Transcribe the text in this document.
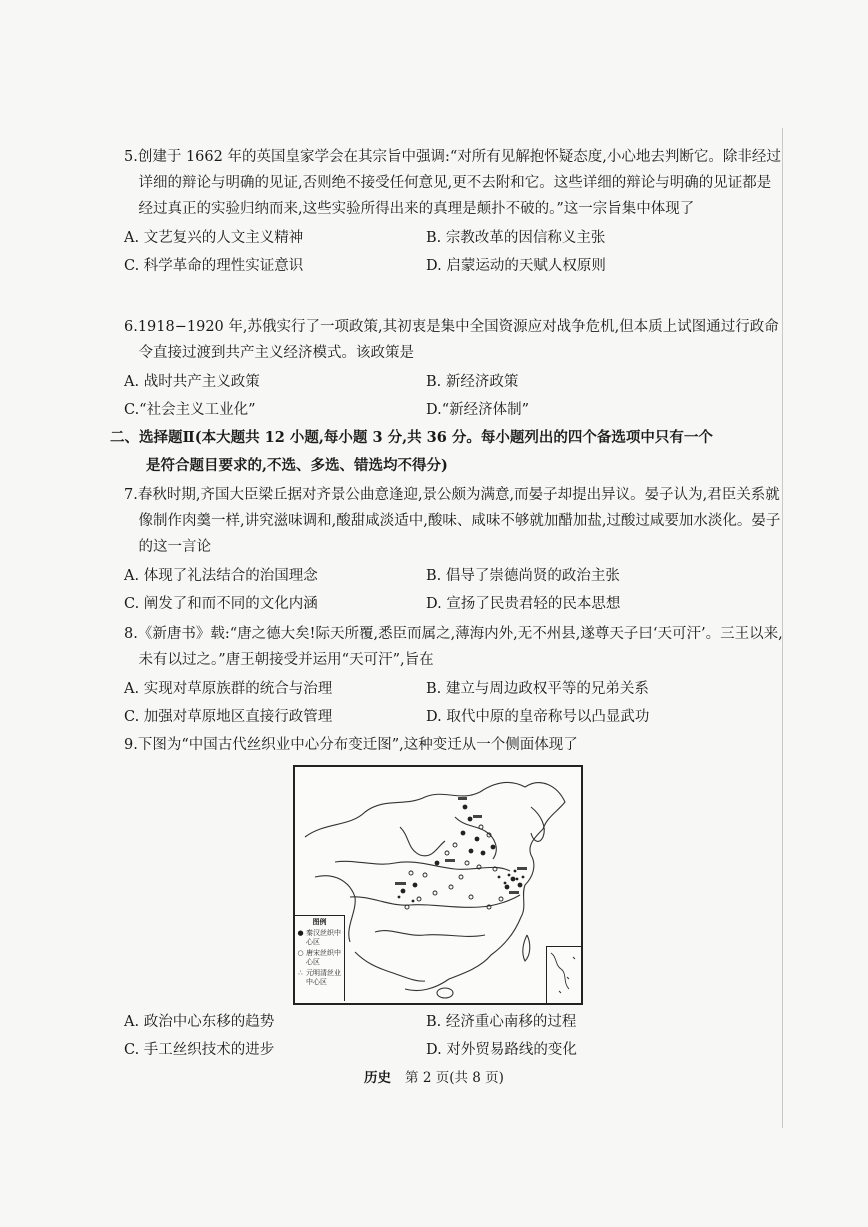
5.创建于 1662 年的英国皇家学会在其宗旨中强调:“对所有见解抱怀疑态度,小心地去判断它。除非经过详细的辩论与明确的见证,否则绝不接受任何意见,更不去附和它。这些详细的辩论与明确的见证都是经过真正的实验归纳而来,这些实验所得出来的真理是颠扑不破的。”这一宗旨集中体现了

A. 文艺复兴的人文主义精神	B. 宗教改革的因信称义主张
C. 科学革命的理性实证意识	D. 启蒙运动的天赋人权原则

6.1918−1920 年,苏俄实行了一项政策,其初衷是集中全国资源应对战争危机,但本质上试图通过行政命令直接过渡到共产主义经济模式。该政策是

A. 战时共产主义政策	B. 新经济政策
C.“社会主义工业化”	D.“新经济体制”
二、选择题Ⅱ(本大题共 12 小题,每小题 3 分,共 36 分。每小题列出的四个备选项中只有一个
是符合题目要求的,不选、多选、错选均不得分)

7.春秋时期,齐国大臣梁丘据对齐景公曲意逢迎,景公颇为满意,而晏子却提出异议。晏子认为,君臣关系就像制作肉羹一样,讲究滋味调和,酸甜咸淡适中,酸味、咸味不够就加醋加盐,过酸过咸要加水淡化。晏子的这一言论

A. 体现了礼法结合的治国理念	B. 倡导了崇德尚贤的政治主张
C. 阐发了和而不同的文化内涵	D. 宣扬了民贵君轻的民本思想

8.《新唐书》载:“唐之德大矣!际天所覆,悉臣而属之,薄海内外,无不州县,遂尊天子曰‘天可汗’。三王以来,未有以过之。”唐王朝接受并运用“天可汗”,旨在

A. 实现对草原族群的统合与治理	B. 建立与周边政权平等的兄弟关系
C. 加强对草原地区直接行政管理	D. 取代中原的皇帝称号以凸显武功

9.下图为“中国古代丝织业中心分布变迁图”,这种变迁从一个侧面体现了

图例
● 秦汉丝织中心区
○ 唐宋丝织中心区
∴ 元明清丝业中心区
A. 政治中心东移的趋势	B. 经济重心南移的过程
C. 手工丝织技术的进步	D. 对外贸易路线的变化
历史 第 2 页(共 8 页)
